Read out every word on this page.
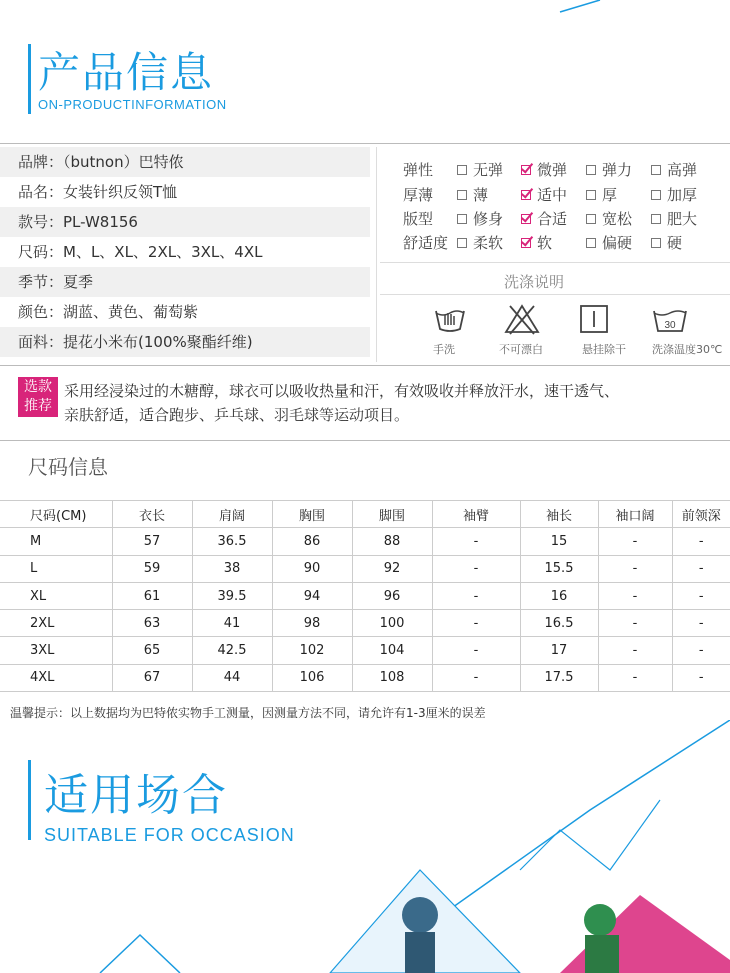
产品信息
ON-PRODUCTINFORMATION
品牌：（butnon）巴特侬
品名：女装针织反领T恤
款号：PL-W8156
尺码：M、L、XL、2XL、3XL、4XL
季节：夏季
颜色：湖蓝、黄色、葡萄紫
面料：提花小米布(100%聚酯纤维)
弹性	无弹	微弹	弹力	高弹
厚薄	薄	适中	厚	加厚
版型	修身	合适	宽松	肥大
舒适度	柔软	软	偏硬	硬
洗涤说明
手洗	不可漂白	悬挂除干
30
洗涤温度30℃
选款
推荐
采用经浸染过的木糖醇，球衣可以吸收热量和汗，有效吸收并释放汗水，速干透气、
亲肤舒适，适合跑步、乒乓球、羽毛球等运动项目。
尺码信息
尺码(CM)	衣长	肩阔	胸围	脚围	袖臂	袖长	袖口阔	前领深
M	57	36.5	86	88	-	15	-	-
L	59	38	90	92	-	15.5	-	-
XL	61	39.5	94	96	-	16	-	-
2XL	63	41	98	100	-	16.5	-	-
3XL	65	42.5	102	104	-	17	-	-
4XL	67	44	106	108	-	17.5	-	-
温馨提示：以上数据均为巴特侬实物手工测量，因测量方法不同，请允许有1-3厘米的误差
适用场合
SUITABLE FOR OCCASION
